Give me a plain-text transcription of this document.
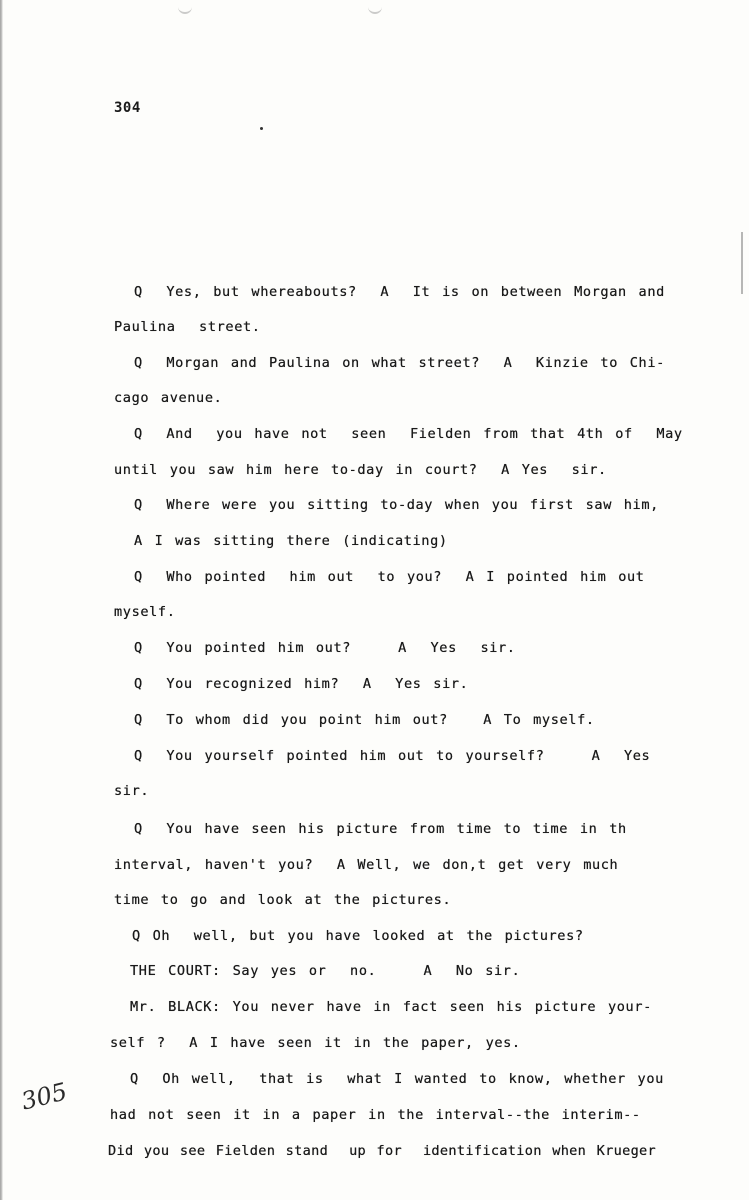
304
Q  Yes, but whereabouts?  A  It is on between Morgan and
Paulina  street.
Q  Morgan and Paulina on what street?  A  Kinzie to Chi-
cago avenue.
Q  And  you have not  seen  Fielden from that 4th of  May
until you saw him here to-day in court?  A Yes  sir.
Q  Where were you sitting to-day when you first saw him,
A I was sitting there (indicating)
Q  Who pointed  him out  to you?  A I pointed him out
myself.
Q  You pointed him out?    A  Yes  sir.
Q  You recognized him?  A  Yes sir.
Q  To whom did you point him out?   A To myself.
Q  You yourself pointed him out to yourself?    A  Yes
sir.
Q  You have seen his picture from time to time in th
interval, haven't you?  A Well, we don,t get very much
time to go and look at the pictures.
Q Oh  well, but you have looked at the pictures?
THE COURT: Say yes or  no.    A  No sir.
Mr. BLACK: You never have in fact seen his picture your-
self ?  A I have seen it in the paper, yes.
Q  Oh well,  that is  what I wanted to know, whether you
had not seen it in a paper in the interval--the interim--
Did you see Fielden stand  up for  identification when Krueger
305
